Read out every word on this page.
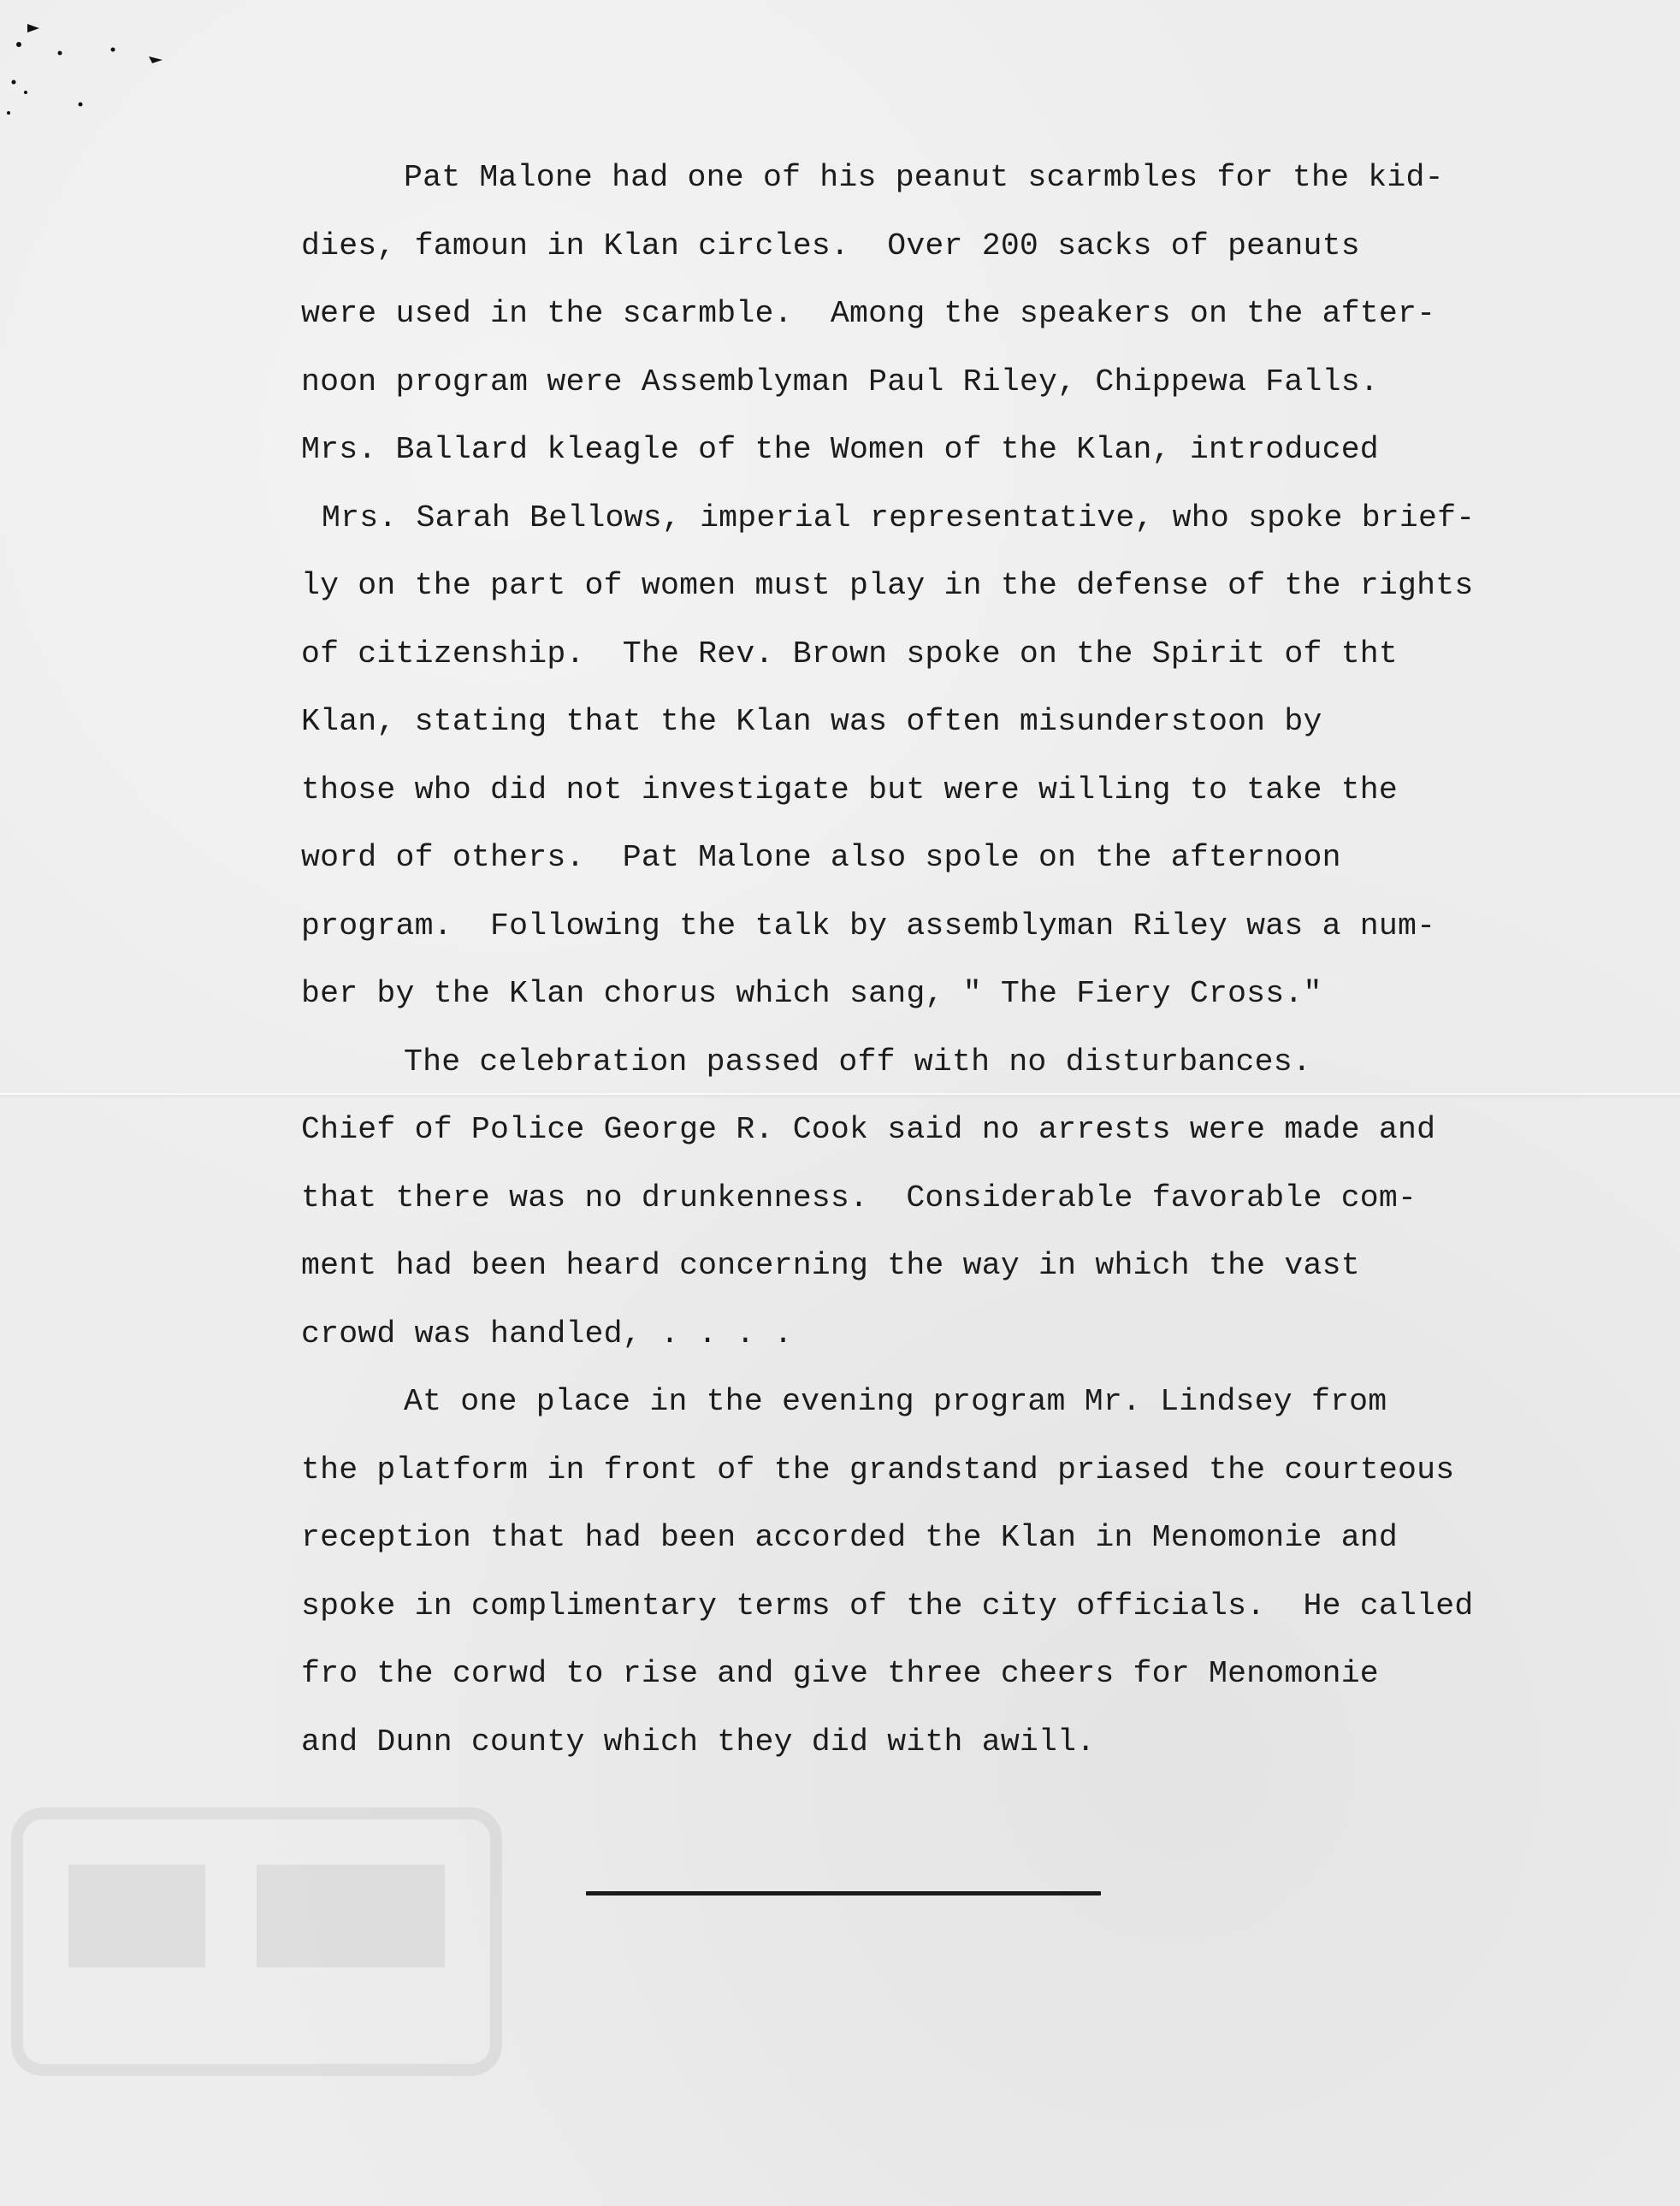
Pat Malone had one of his peanut scarmbles for the kid-
dies, famoun in Klan circles.  Over 200 sacks of peanuts
were used in the scarmble.  Among the speakers on the after-
noon program were Assemblyman Paul Riley, Chippewa Falls.
Mrs. Ballard kleagle of the Women of the Klan, introduced
Mrs. Sarah Bellows, imperial representative, who spoke brief-
ly on the part of women must play in the defense of the rights
of citizenship.  The Rev. Brown spoke on the Spirit of tht
Klan, stating that the Klan was often misunderstoon by
those who did not investigate but were willing to take the
word of others.  Pat Malone also spole on the afternoon
program.  Following the talk by assemblyman Riley was a num-
ber by the Klan chorus which sang, " The Fiery Cross."
The celebration passed off with no disturbances.
Chief of Police George R. Cook said no arrests were made and
that there was no drunkenness.  Considerable favorable com-
ment had been heard concerning the way in which the vast
crowd was handled, . . . .
At one place in the evening program Mr. Lindsey from
the platform in front of the grandstand priased the courteous
reception that had been accorded the Klan in Menomonie and
spoke in complimentary terms of the city officials.  He called
fro the corwd to rise and give three cheers for Menomonie
and Dunn county which they did with awill.
